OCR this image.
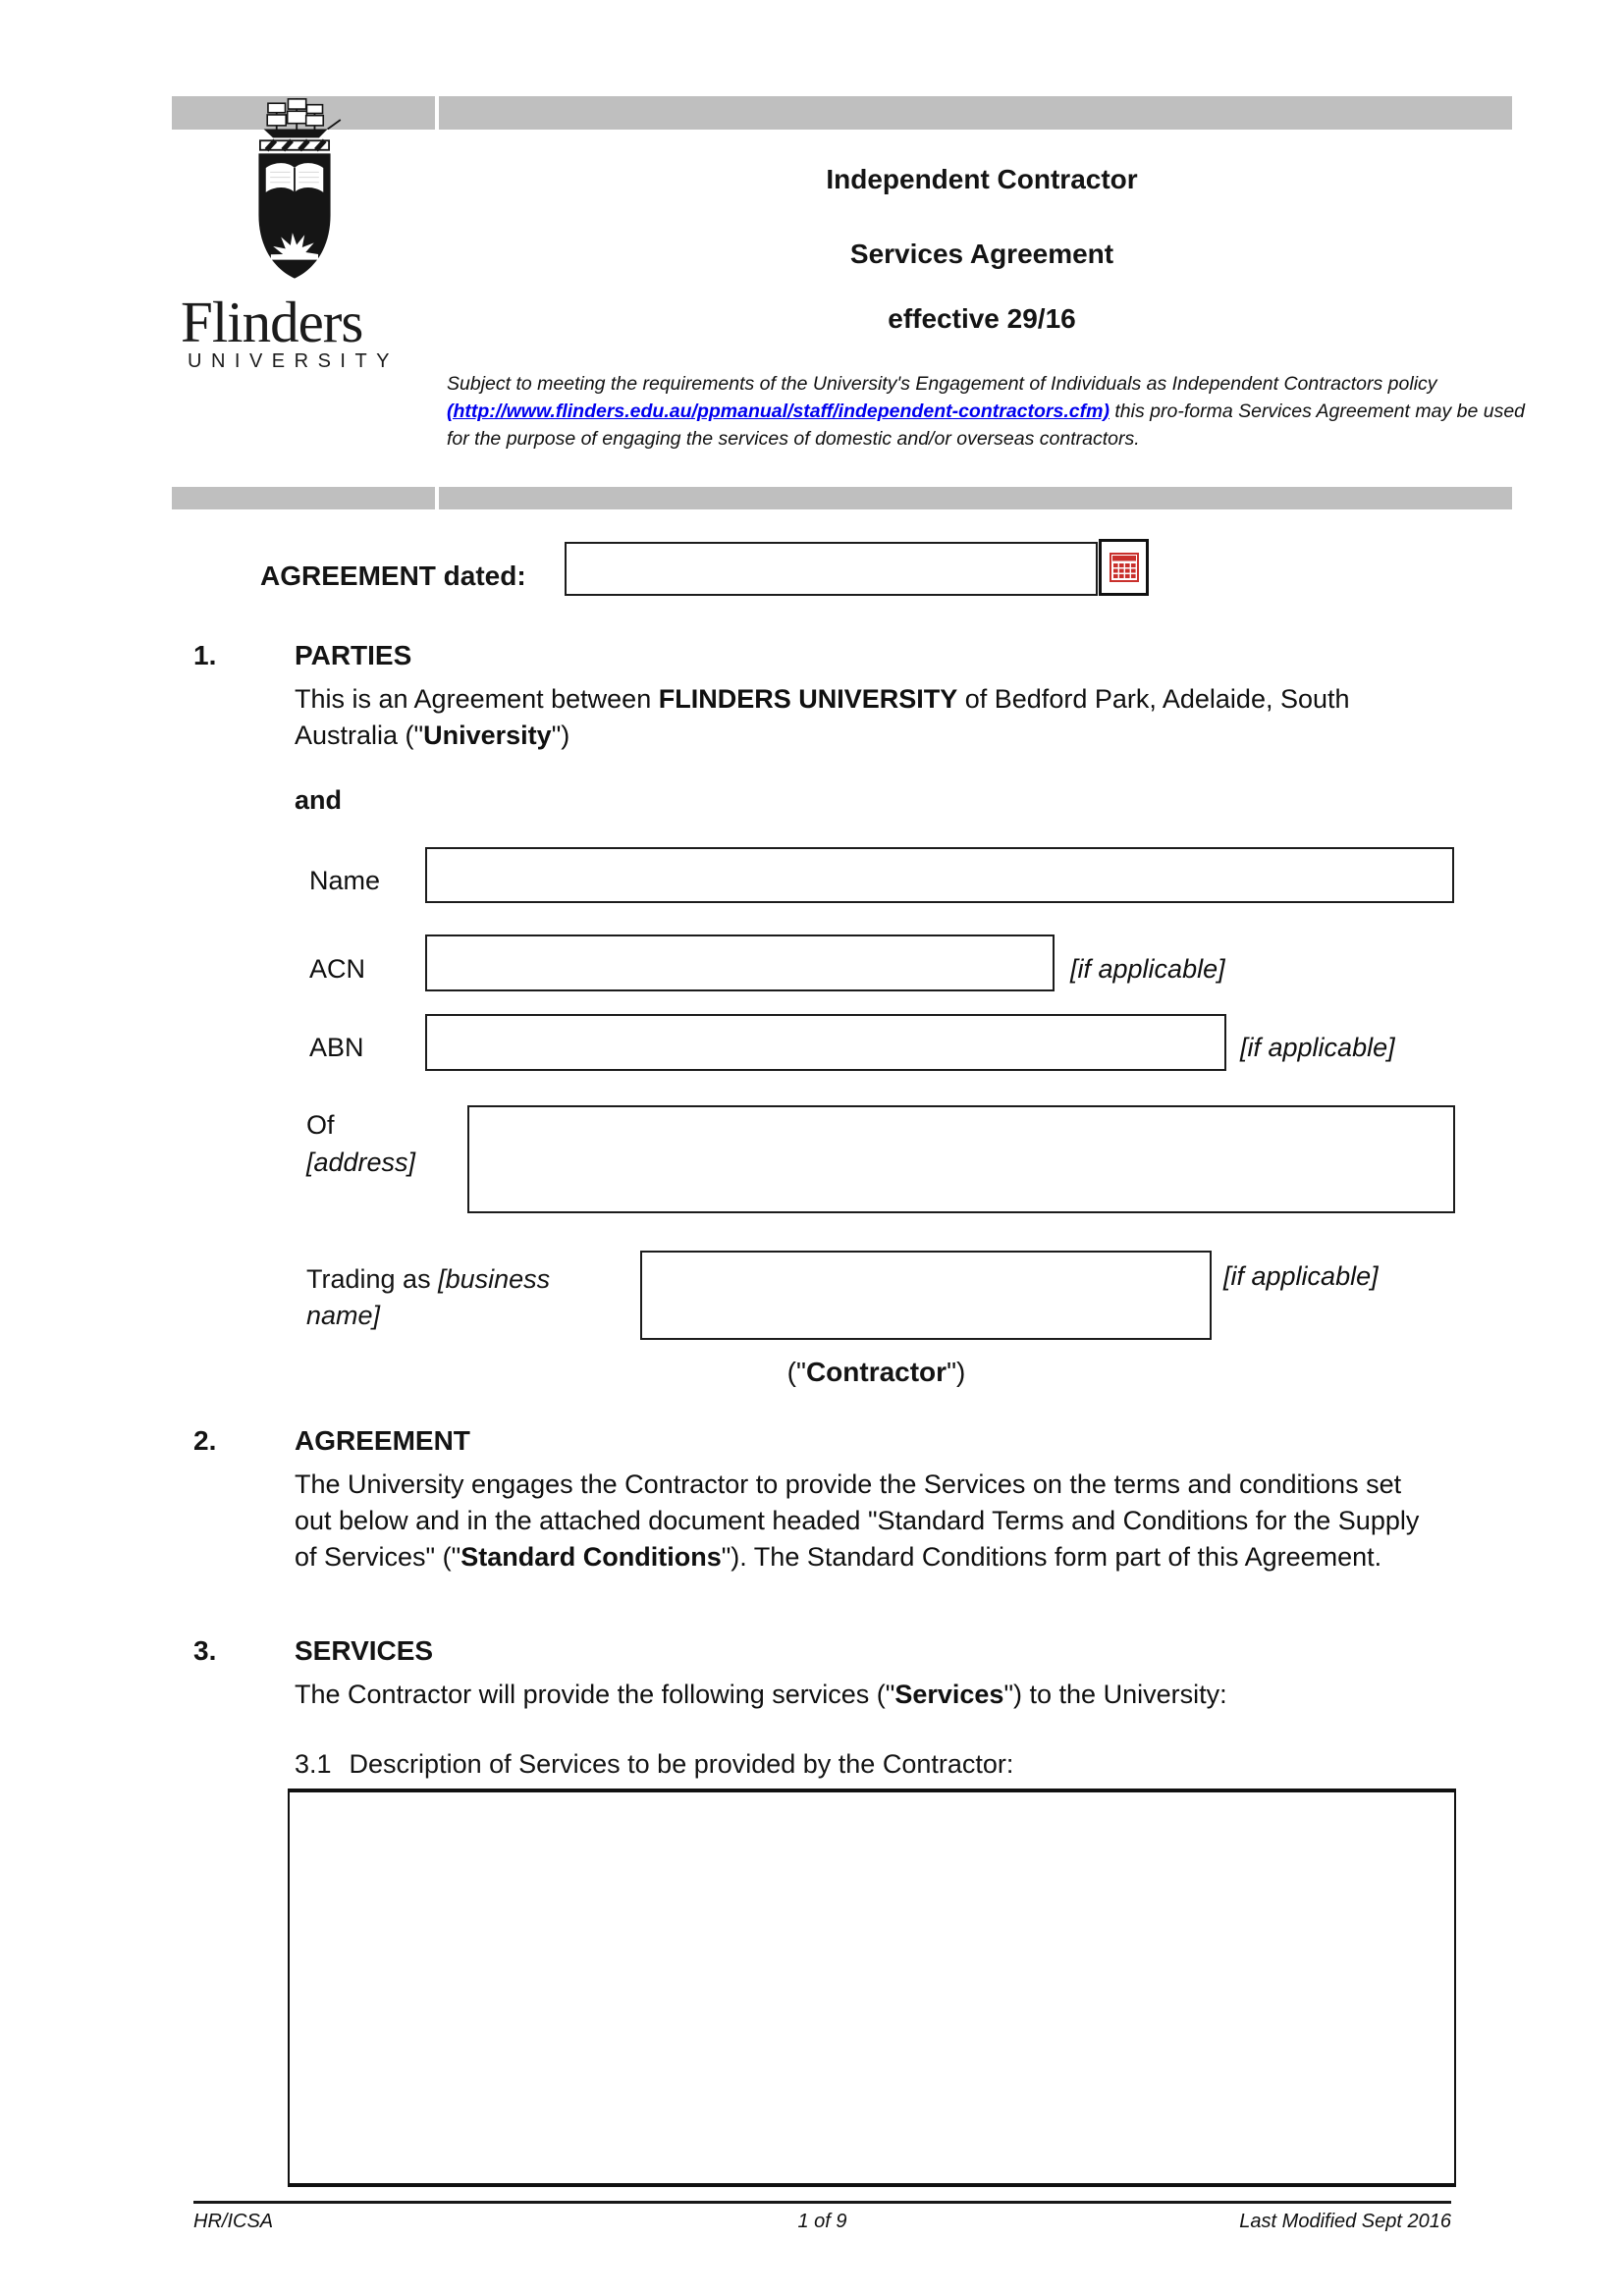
Flinders
UNIVERSITY
Independent Contractor
Services Agreement
effective 29/16
Subject to meeting the requirements of the University's Engagement of Individuals as Independent Contractors policy (http://www.flinders.edu.au/ppmanual/staff/independent-contractors.cfm) this pro-forma Services Agreement may be used for the purpose of engaging the services of domestic and/or overseas contractors.
AGREEMENT dated:
1.	PARTIES
This is an Agreement between FLINDERS UNIVERSITY of Bedford Park, Adelaide, South Australia ("University")
and
Name
ACN	[if applicable]
ABN	[if applicable]
Of
[address]
Trading as [business name]
[if applicable]
("Contractor")
2.	AGREEMENT
The University engages the Contractor to provide the Services on the terms and conditions set out below and in the attached document headed "Standard Terms and Conditions for the Supply of Services" ("Standard Conditions"). The Standard Conditions form part of this Agreement.
3.	SERVICES
The Contractor will provide the following services ("Services") to the University:
3.1 Description of Services to be provided by the Contractor:
HR/ICSA	1 of 9	Last Modified Sept 2016
